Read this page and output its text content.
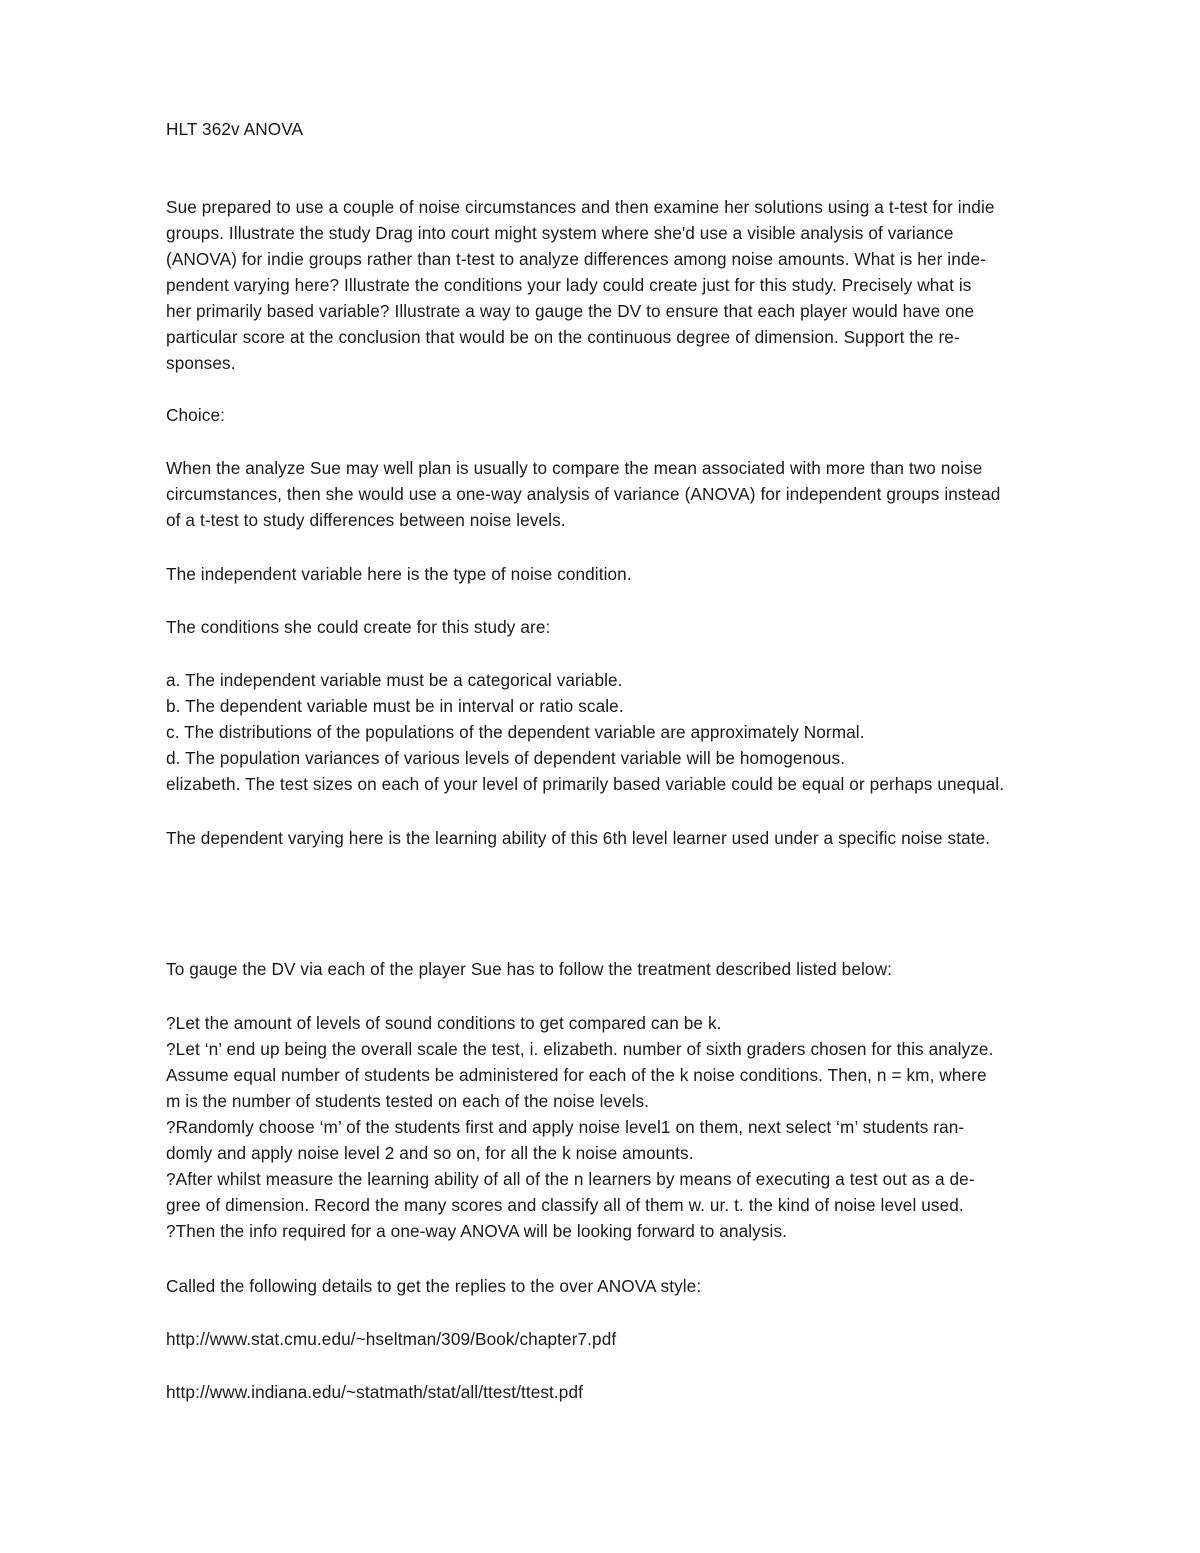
HLT 362v ANOVA
Sue prepared to use a couple of noise circumstances and then examine her solutions using a t-test for indie
groups. Illustrate the study Drag into court might system where she'd use a visible analysis of variance
(ANOVA) for indie groups rather than t-test to analyze differences among noise amounts. What is her inde-
pendent varying here? Illustrate the conditions your lady could create just for this study. Precisely what is
her primarily based variable? Illustrate a way to gauge the DV to ensure that each player would have one
particular score at the conclusion that would be on the continuous degree of dimension. Support the re-
sponses.
Choice:
When the analyze Sue may well plan is usually to compare the mean associated with more than two noise
circumstances, then she would use a one-way analysis of variance (ANOVA) for independent groups instead
of a t-test to study differences between noise levels.
The independent variable here is the type of noise condition.
The conditions she could create for this study are:
a. The independent variable must be a categorical variable.
b. The dependent variable must be in interval or ratio scale.
c. The distributions of the populations of the dependent variable are approximately Normal.
d. The population variances of various levels of dependent variable will be homogenous.
elizabeth. The test sizes on each of your level of primarily based variable could be equal or perhaps unequal.
The dependent varying here is the learning ability of this 6th level learner used under a specific noise state.
To gauge the DV via each of the player Sue has to follow the treatment described listed below:
?Let the amount of levels of sound conditions to get compared can be k.
?Let ‘n’ end up being the overall scale the test, i. elizabeth. number of sixth graders chosen for this analyze.
Assume equal number of students be administered for each of the k noise conditions. Then, n = km, where
m is the number of students tested on each of the noise levels.
?Randomly choose ‘m’ of the students first and apply noise level1 on them, next select ‘m’ students ran-
domly and apply noise level 2 and so on, for all the k noise amounts.
?After whilst measure the learning ability of all of the n learners by means of executing a test out as a de-
gree of dimension. Record the many scores and classify all of them w. ur. t. the kind of noise level used.
?Then the info required for a one-way ANOVA will be looking forward to analysis.
Called the following details to get the replies to the over ANOVA style:
http://www.stat.cmu.edu/~hseltman/309/Book/chapter7.pdf
http://www.indiana.edu/~statmath/stat/all/ttest/ttest.pdf
